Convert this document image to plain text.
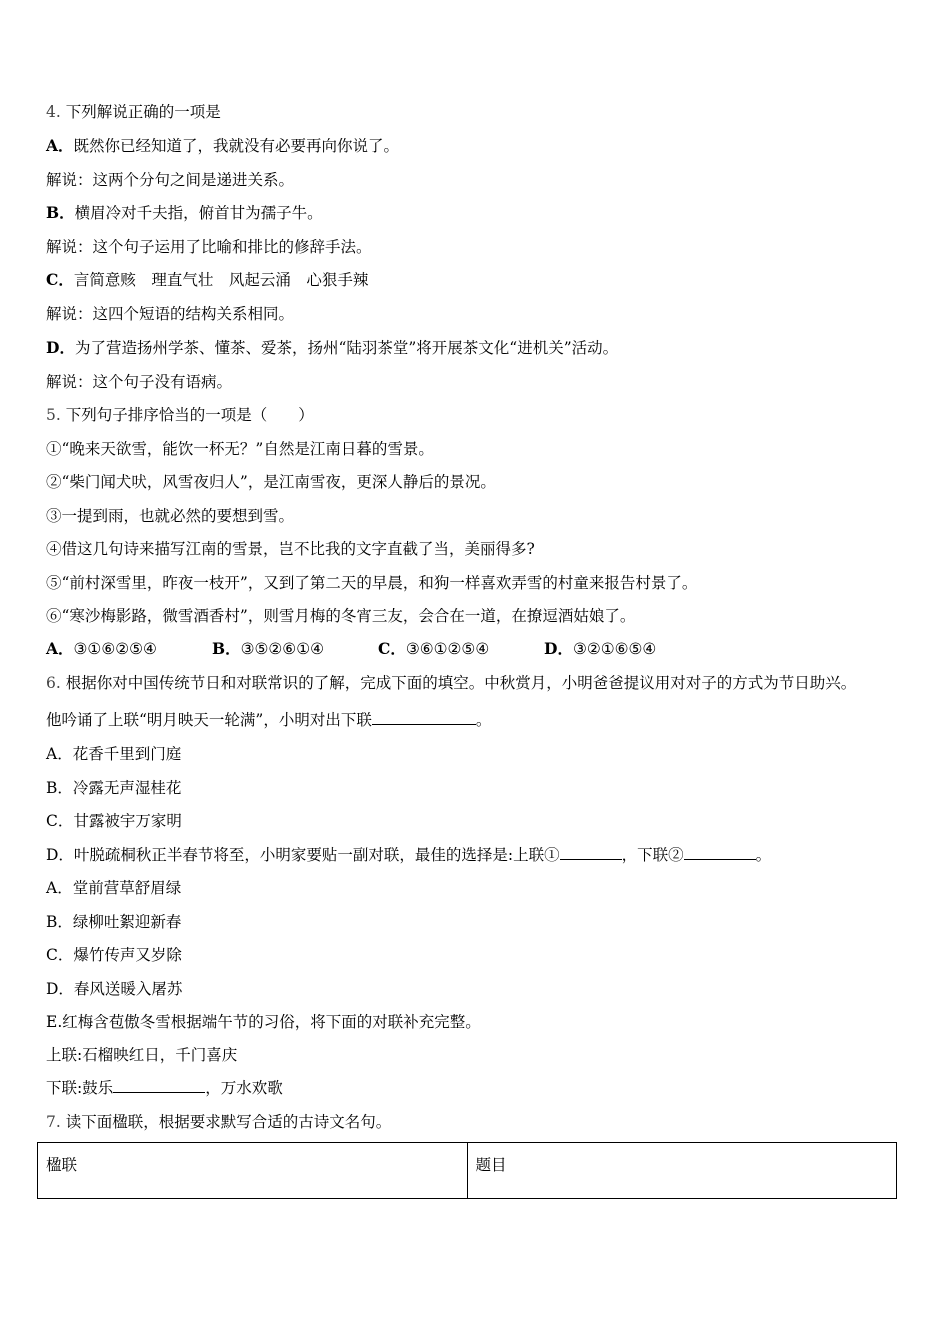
4. 下列解说正确的一项是
A．既然你已经知道了，我就没有必要再向你说了。
解说：这两个分句之间是递进关系。
B．横眉冷对千夫指，俯首甘为孺子牛。
解说：这个句子运用了比喻和排比的修辞手法。
C．言简意赅　理直气壮　风起云涌　心狠手辣
解说：这四个短语的结构关系相同。
D．为了营造扬州学茶、懂茶、爱茶，扬州“陆羽茶堂”将开展茶文化“进机关”活动。
解说：这个句子没有语病。
5. 下列句子排序恰当的一项是（　　）
①“晚来天欲雪，能饮一杯无？”自然是江南日暮的雪景。
②“柴门闻犬吠，风雪夜归人”，是江南雪夜，更深人静后的景况。
③一提到雨，也就必然的要想到雪。
④借这几句诗来描写江南的雪景，岂不比我的文字直截了当，美丽得多?
⑤“前村深雪里，昨夜一枝开”，又到了第二天的早晨，和狗一样喜欢弄雪的村童来报告村景了。
⑥“寒沙梅影路，微雪酒香村”，则雪月梅的冬宵三友，会合在一道，在撩逗酒姑娘了。
A．③①⑥②⑤④	B．③⑤②⑥①④	C．③⑥①②⑤④	D．③②①⑥⑤④
6. 根据你对中国传统节日和对联常识的了解，完成下面的填空。中秋赏月，小明爸爸提议用对对子的方式为节日助兴。
他吟诵了上联“明月映天一轮满”，小明对出下联	。
A．花香千里到门庭
B．冷露无声湿桂花
C．甘露被宇万家明
D．叶脱疏桐秋正半春节将至，小明家要贴一副对联，最佳的选择是:上联①	，下联②	。
A．堂前营草舒眉绿
B．绿柳吐絮迎新春
C．爆竹传声又岁除
D．春风送暖入屠苏
E.红梅含苞傲冬雪根据端午节的习俗，将下面的对联补充完整。
上联:石榴映红日，千门喜庆
下联:鼓乐	，万水欢歌
7. 读下面楹联，根据要求默写合适的古诗文名句。
楹联	题目
